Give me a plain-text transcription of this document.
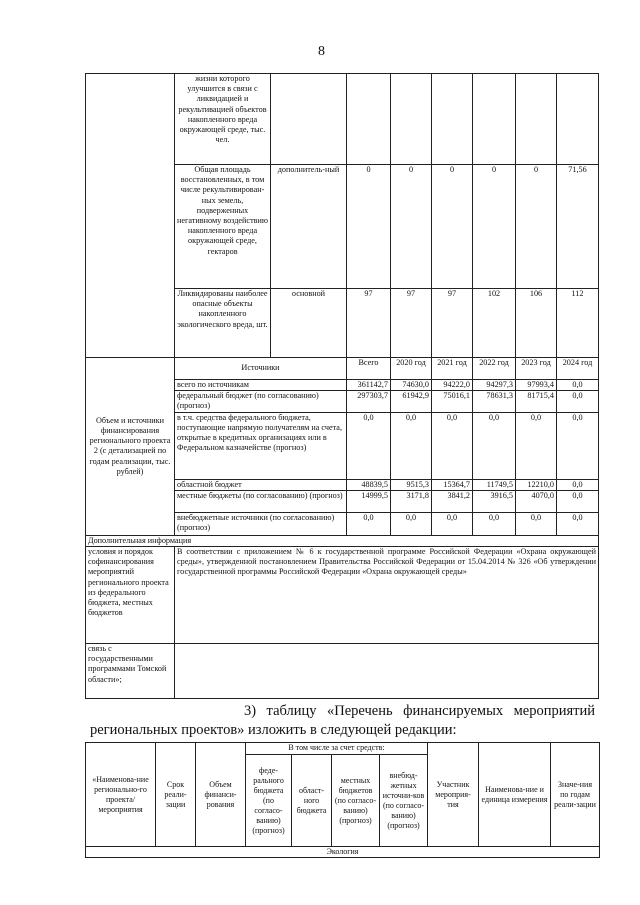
8
	жизни которого улучшится в связи с ликвидацией и рекультивацией объектов накопленного вреда окружающей среде, тыс. чел.							
	Общая площадь восстановленных, в том числе рекультивирован-ных земель, подверженных негативному воздействию накопленного вреда окружающей среде, гектаров	дополнитель-ный	0	0	0	0	0	71,56
	Ликвидированы наиболее опасные объекты накопленного экологического вреда, шт.	основной	97	97	97	102	106	112
Объем и источники финансирования регионального проекта 2 (с детализацией по годам реализации, тыс. рублей)	Источники		Всего	2020 год	2021 год	2022 год	2023 год	2024 год
	всего по источникам		361142,7	74630,0	94222,0	94297,3	97993,4	0,0
	федеральный бюджет (по согласованию) (прогноз)		297303,7	61942,9	75016,1	78631,3	81715,4	0,0
	в т.ч. средства федерального бюджета, поступающие напрямую получателям на счета, открытые в кредитных организациях или в Федеральном казначействе (прогноз)		0,0	0,0	0,0	0,0	0,0	0,0
	областной бюджет		48839,5	9515,3	15364,7	11749,5	12210,0	0,0
	местные бюджеты (по согласованию) (прогноз)		14999,5	3171,8	3841,2	3916,5	4070,0	0,0
	внебюджетные источники (по согласованию) (прогноз)		0,0	0,0	0,0	0,0	0,0	0,0
Дополнительная информация								
условия и порядок софинансирования мероприятий регионального проекта из федерального бюджета, местных бюджетов	В соответствии с приложением № 6 к государственной программе Российской Федерации «Охрана окружающей среды», утвержденной постановлением Правительства Российской Федерации от 15.04.2014 № 326 «Об утверждении государственной программы Российской Федерации «Охрана окружающей среды»							
связь с государственными программами Томской области»;								
3) таблицу «Перечень финансируемых мероприятий региональных проектов» изложить в следующей редакции:
«Наименова-ние регионально-го проекта/ мероприятия	Срок реали-зации	Объем финанси-рования	В том числе за счет средств:				Участник мероприя-тия	Наименова-ние и единица измерения	Значе-ния по годам реали-зации
			феде-рального бюджета (по согласо-ванию) (прогноз)	област-ного бюджета	местных бюджетов (по согласо-ванию) (прогноз)	внебюд-жетных источни-ков (по согласо-ванию) (прогноз)			
Экология									
